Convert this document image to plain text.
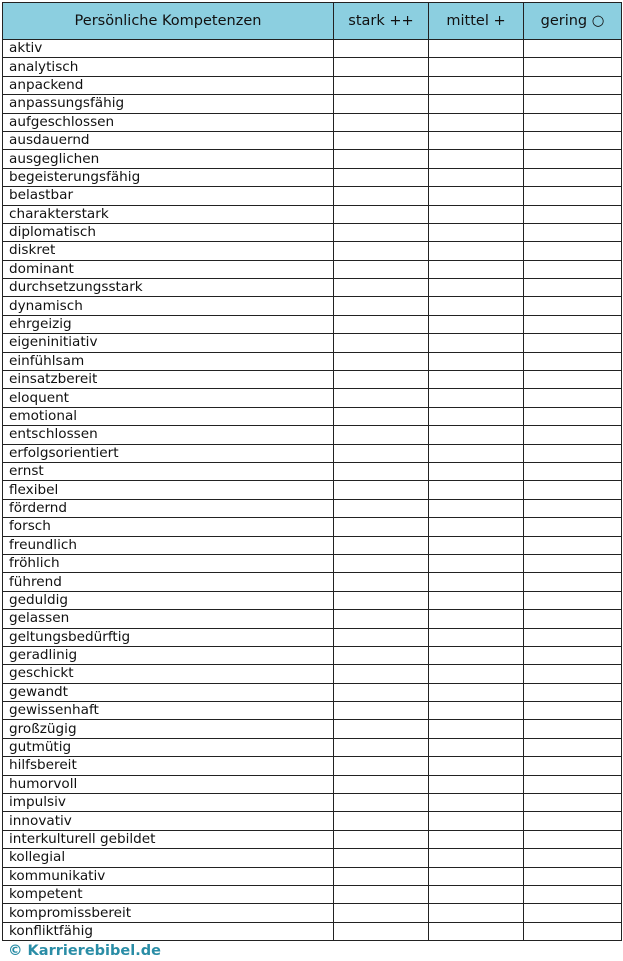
Persönliche Kompetenzen	stark ++	mittel +	gering ○
aktiv			
analytisch			
anpackend			
anpassungsfähig			
aufgeschlossen			
ausdauernd			
ausgeglichen			
begeisterungsfähig			
belastbar			
charakterstark			
diplomatisch			
diskret			
dominant			
durchsetzungsstark			
dynamisch			
ehrgeizig			
eigeninitiativ			
einfühlsam			
einsatzbereit			
eloquent			
emotional			
entschlossen			
erfolgsorientiert			
ernst			
flexibel			
fördernd			
forsch			
freundlich			
fröhlich			
führend			
geduldig			
gelassen			
geltungsbedürftig			
geradlinig			
geschickt			
gewandt			
gewissenhaft			
großzügig			
gutmütig			
hilfsbereit			
humorvoll			
impulsiv			
innovativ			
interkulturell gebildet			
kollegial			
kommunikativ			
kompetent			
kompromissbereit			
konfliktfähig			
© Karrierebibel.de
